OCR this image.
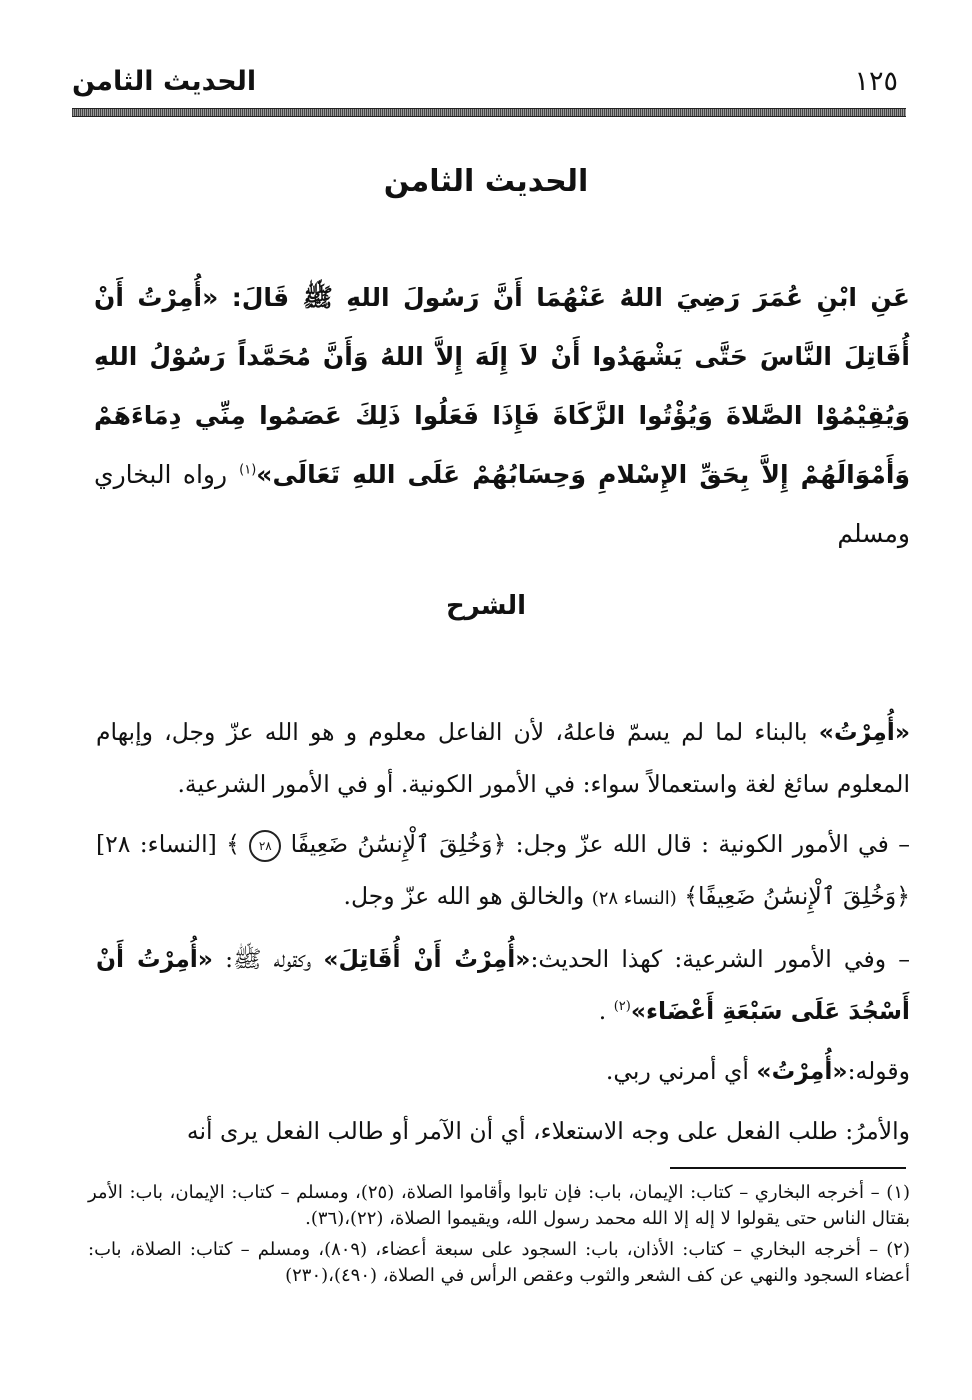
الحديث الثامن	١٢٥
الحديث الثامن
عَنِ ابْنِ عُمَرَ رَضِيَ اللهُ عَنْهُمَا أَنَّ رَسُولَ اللهِ ﷺ قَالَ: «أُمِرْتُ أَنْ أُقَاتِلَ النَّاسَ حَتَّى يَشْهَدُوا أَنْ لاَ إِلَهَ إِلاَّ اللهُ وَأَنَّ مُحَمَّداً رَسُوْلُ اللهِ وَيُقِيْمُوْا الصَّلاةَ وَيُؤْتُوا الزَّكَاةَ فَإِذَا فَعَلُوا ذَلِكَ عَصَمُوا مِنِّي دِمَاءَهَمْ وَأَمْوَالَهُمْ إِلاَّ بِحَقِّ الإِسْلامِ وَحِسَابُهُمْ عَلَى اللهِ تَعَالَى»$^{(١)}$ رواه البخاري ومسلم
الشرح

«أُمِرْتُ» بالبناء لما لم يسمّ فاعلهُ، لأن الفاعل معلوم و هو الله عزّ وجل، وإبهام المعلوم سائغ لغة واستعمالاً سواء: في الأمور الكونية. أو في الأمور الشرعية.

– في الأمور الكونية : قال الله عزّ وجل: ﴿وَخُلِقَ ٱلْإِنسَٰنُ ضَعِيفًا ٢٨ ﴾ [النساء: ٢٨] ﴿وَخُلِقَ ٱلْإِنسَٰنُ ضَعِيفًا﴾ (النساء ٢٨) والخالق هو الله عزّ وجل.

– وفي الأمور الشرعية: كهذا الحديث:«أُمِرْتُ أَنْ أُقَاتِلَ» وكقوله ﷺ: «أُمِرْتُ أَنْ أَسْجُدَ عَلَى سَبْعَةِ أَعْضَاء»$^{(٢)}$ .

وقوله:«أُمِرْتُ» أي أمرني ربي.

والأمرُ: طلب الفعل على وجه الاستعلاء، أي أن الآمر أو طالب الفعل يرى أنه

(١) – أخرجه البخاري – كتاب: الإيمان، باب: فإن تابوا وأقاموا الصلاة، (٢٥)، ومسلم – كتاب: الإيمان، باب: الأمر بقتال الناس حتى يقولوا لا إله إلا الله محمد رسول الله، ويقيموا الصلاة، (٢٢)،(٣٦).

(٢) – أخرجه البخاري – كتاب: الأذان، باب: السجود على سبعة أعضاء، (٨٠٩)، ومسلم – كتاب: الصلاة، باب: أعضاء السجود والنهي عن كف الشعر والثوب وعقص الرأس في الصلاة، (٤٩٠)،(٢٣٠)
